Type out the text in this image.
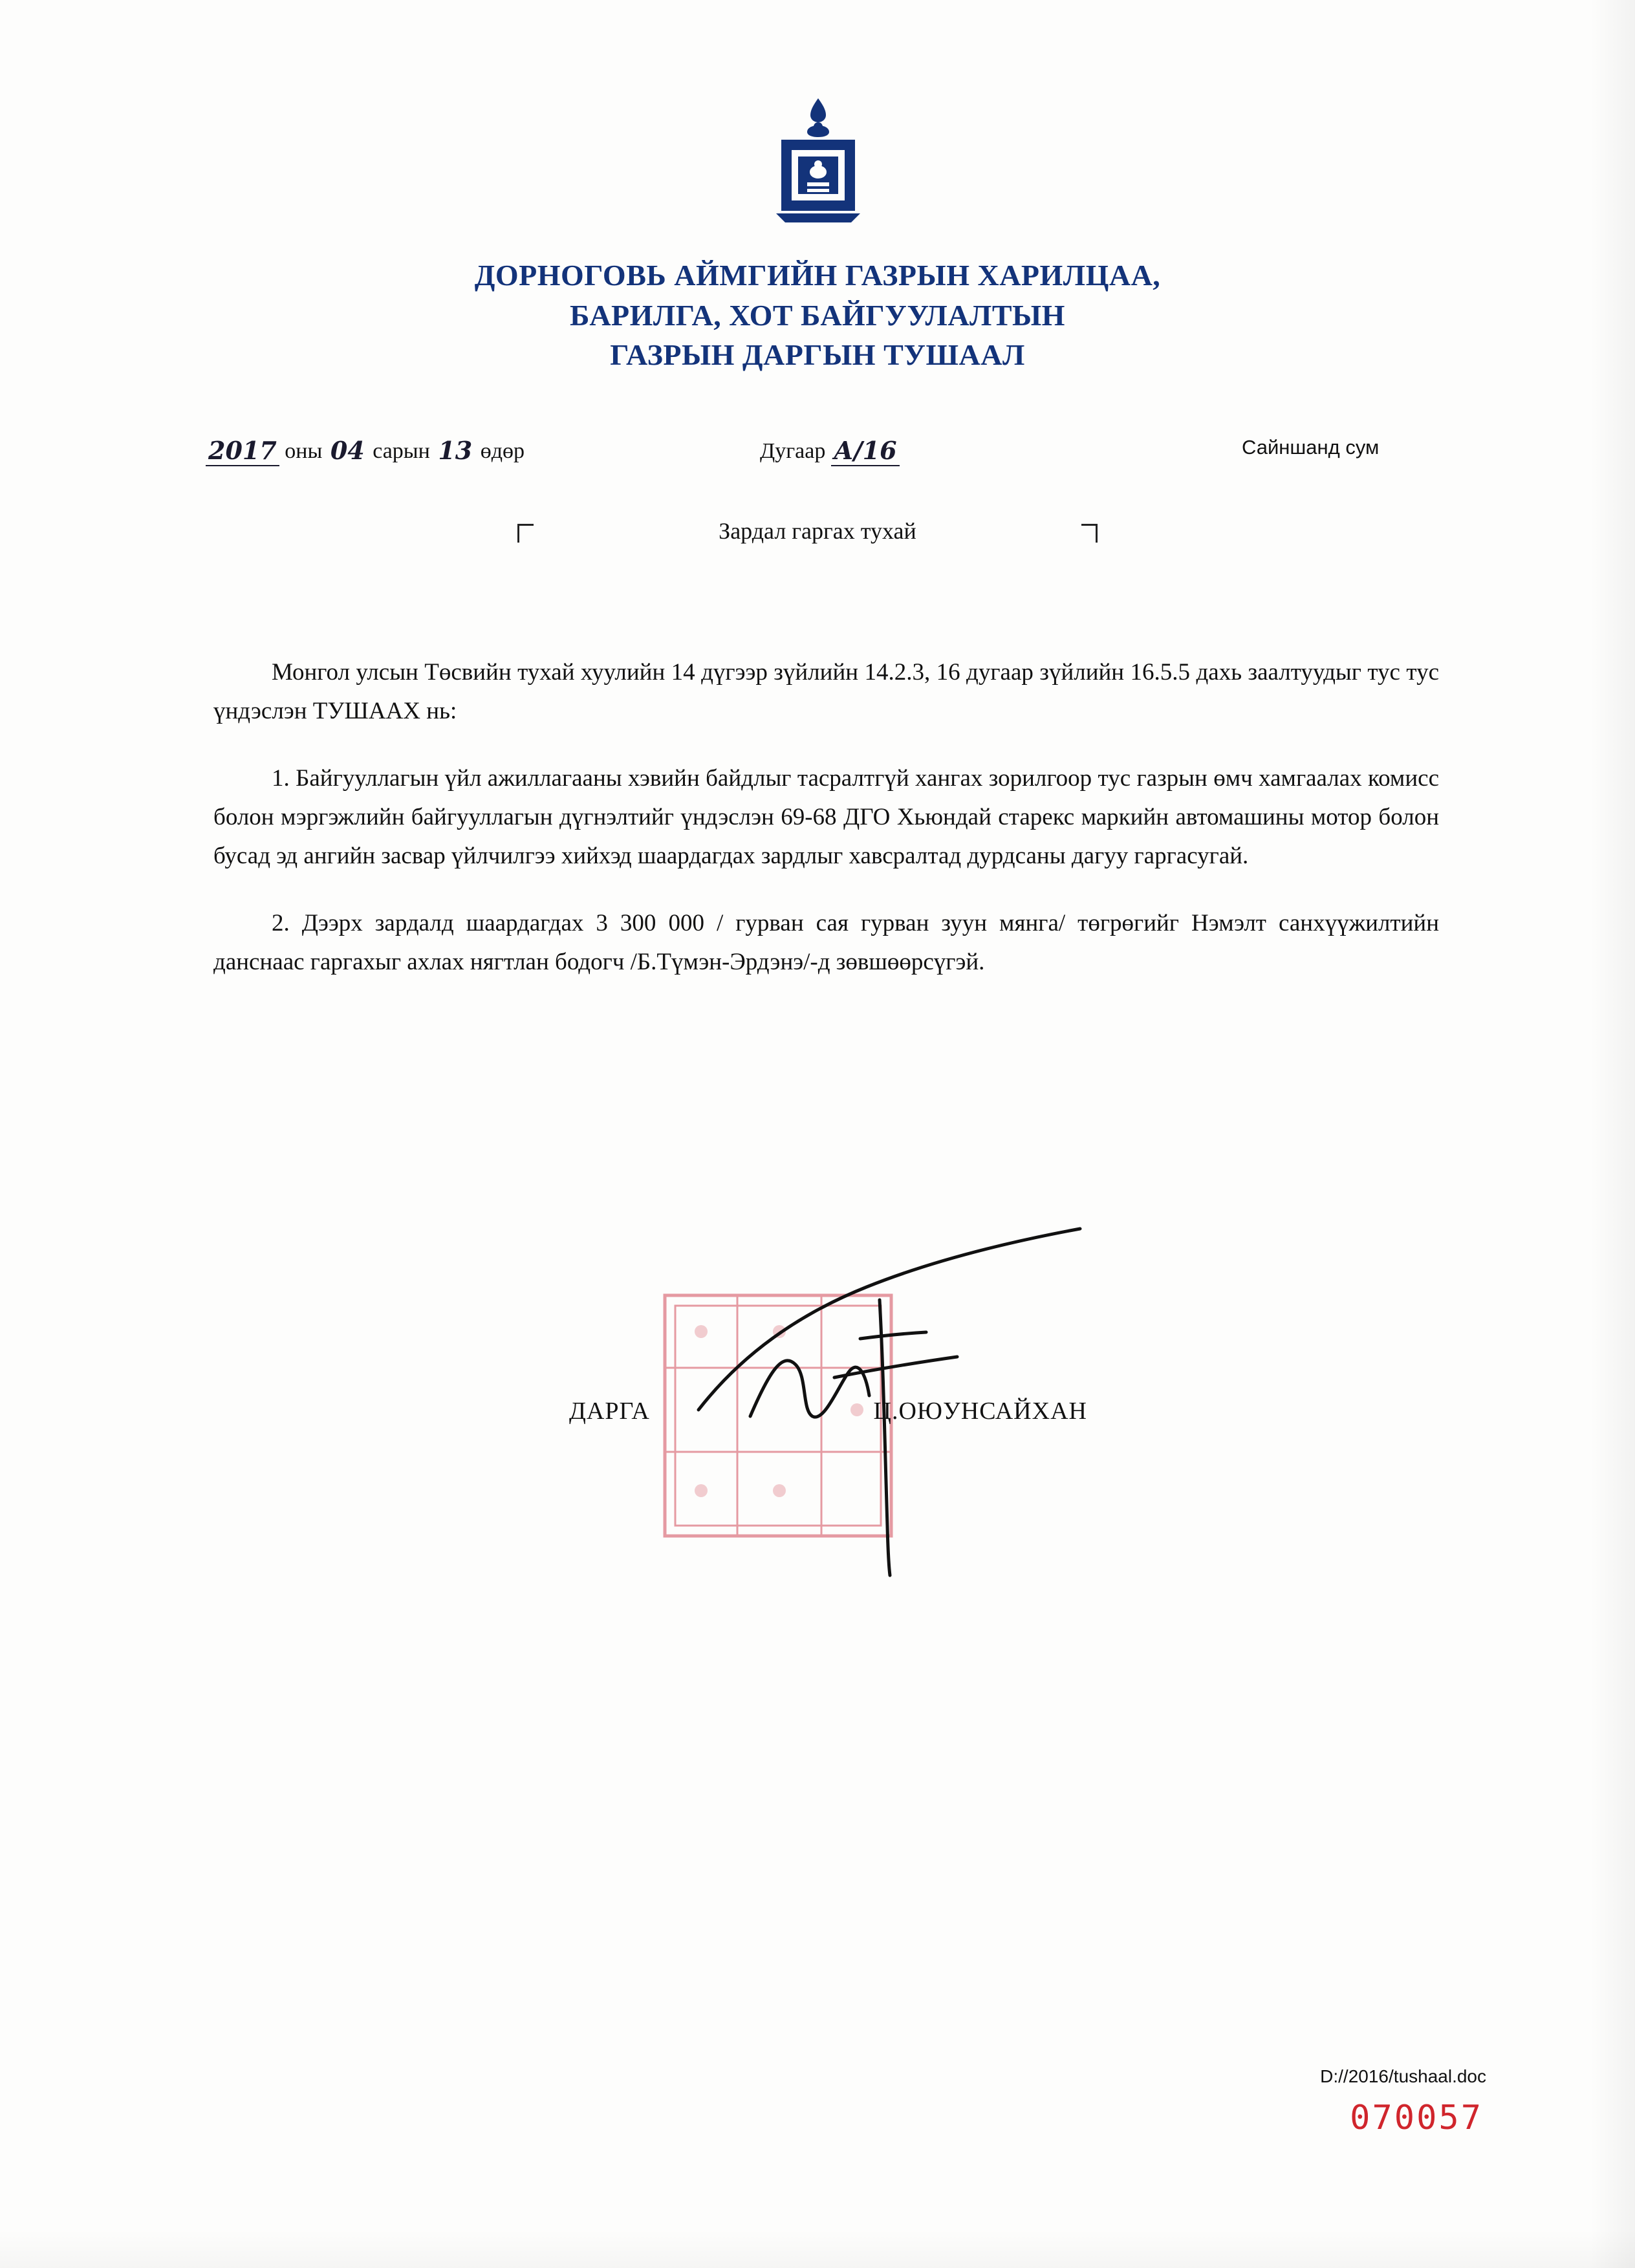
ДОРНОГОВЬ АЙМГИЙН ГАЗРЫН ХАРИЛЦАА,
БАРИЛГА, ХОТ БАЙГУУЛАЛТЫН
ГАЗРЫН ДАРГЫН ТУШААЛ
2017 оны 04 сарын 13 өдөр	Дугаар А/16	Сайншанд сум
Зардал гаргах тухай

Монгол улсын Төсвийн тухай хуулийн 14 дүгээр зүйлийн 14.2.3, 16 дугаар зүйлийн 16.5.5 дахь заалтуудыг тус тус үндэслэн ТУШААХ нь:

1. Байгууллагын үйл ажиллагааны хэвийн байдлыг тасралтгүй хангах зорилгоор тус газрын өмч хамгаалах комисс болон мэргэжлийн байгууллагын дүгнэлтийг үндэслэн 69-68 ДГО Хьюндай старекс маркийн автомашины мотор болон бусад эд ангийн засвар үйлчилгээ хийхэд шаардагдах зардлыг хавсралтад дурдсаны дагуу гаргасугай.

2. Дээрх зардалд шаардагдах 3 300 000 / гурван сая гурван зуун мянга/ төгрөгийг Нэмэлт санхүүжилтийн данснаас гаргахыг ахлах нягтлан бодогч /Б.Түмэн-Эрдэнэ/-д зөвшөөрсүгэй.

ДАРГА	Ц.ОЮУНСАЙХАН
D://2016/tushaal.doc
070057
